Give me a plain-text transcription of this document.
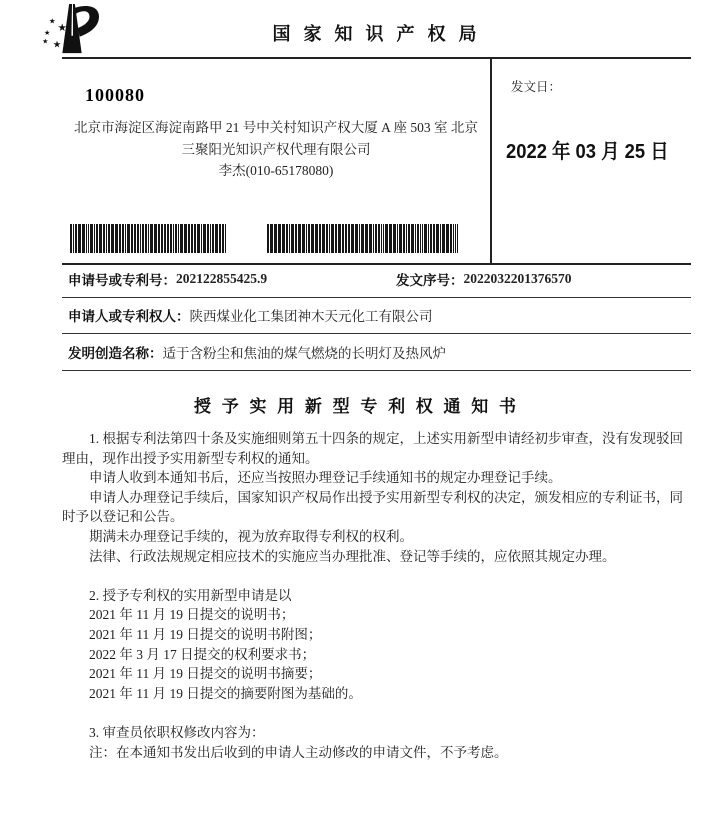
★
★
★
★ ★
国 家 知 识 产 权 局
100080
北京市海淀区海淀南路甲 21 号中关村知识产权大厦 A 座 503 室 北京
三聚阳光知识产权代理有限公司
李杰(010-65178080)
发文日：
2022 年 03 月 25 日
申请号或专利号： 202122855425.9	发文序号： 2022032201376570
申请人或专利权人： 陕西煤业化工集团神木天元化工有限公司
发明创造名称： 适于含粉尘和焦油的煤气燃烧的长明灯及热风炉
授 予 实 用 新 型 专 利 权 通 知 书
1. 根据专利法第四十条及实施细则第五十四条的规定，上述实用新型申请经初步审查，没有发现驳回理由，现作出授予实用新型专利权的通知。
申请人收到本通知书后，还应当按照办理登记手续通知书的规定办理登记手续。
申请人办理登记手续后，国家知识产权局作出授予实用新型专利权的决定，颁发相应的专利证书，同时予以登记和公告。
期满未办理登记手续的，视为放弃取得专利权的权利。
法律、行政法规规定相应技术的实施应当办理批准、登记等手续的，应依照其规定办理。
2. 授予专利权的实用新型申请是以
2021 年 11 月 19 日提交的说明书；
2021 年 11 月 19 日提交的说明书附图；
2022 年 3 月 17 日提交的权利要求书；
2021 年 11 月 19 日提交的说明书摘要；
2021 年 11 月 19 日提交的摘要附图为基础的。
3. 审查员依职权修改内容为：
注：在本通知书发出后收到的申请人主动修改的申请文件，不予考虑。
